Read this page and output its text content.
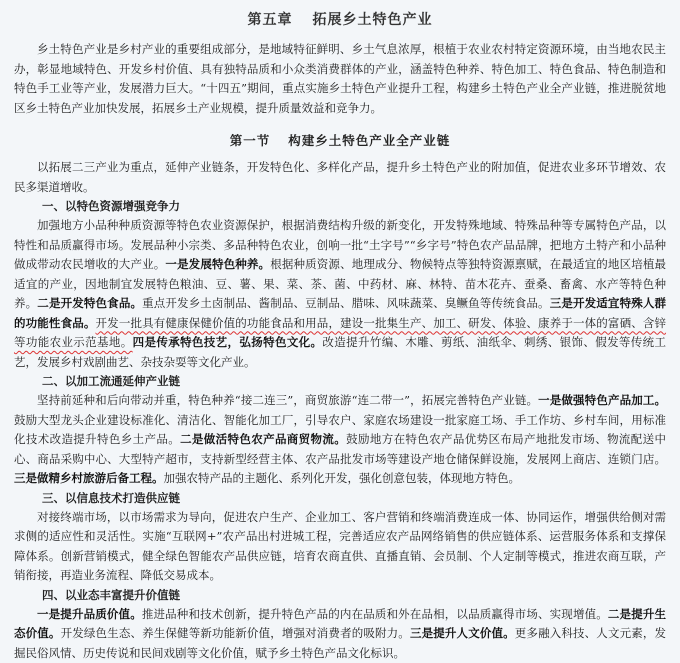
第五章 拓展乡土特色产业

乡土特色产业是乡村产业的重要组成部分，是地域特征鲜明、乡土气息浓厚，根植于农业农村特定资源环境，由当地农民主办，彰显地域特色、开发乡村价值、具有独特品质和小众类消费群体的产业，涵盖特色种养、特色加工、特色食品、特色制造和特色手工业等产业，发展潜力巨大。“十四五”期间，重点实施乡土特色产业提升工程，构建乡土特色产业全产业链，推进脱贫地区乡土特色产业加快发展，拓展乡土产业规模，提升质量效益和竞争力。

第一节 构建乡土特色产业全产业链

以拓展二三产业为重点，延伸产业链条，开发特色化、多样化产品，提升乡土特色产业的附加值，促进农业多环节增效、农民多渠道增收。

一、以特色资源增强竞争力

加强地方小品种种质资源等特色农业资源保护，根据消费结构升级的新变化，开发特殊地域、特殊品种等专属特色产品，以特性和品质赢得市场。发展品种小宗类、多品种特色农业，创响一批“土字号”“乡字号”特色农产品品牌，把地方土特产和小品种做成带动农民增收的大产业。一是发展特色种养。根据种质资源、地理成分、物候特点等独特资源禀赋，在最适宜的地区培植最适宜的产业，因地制宜发展特色粮油、豆、薯、果、菜、茶、菌、中药材、麻、林特、苗木花卉、蚕桑、畜禽、水产等特色种养。二是开发特色食品。重点开发乡土卤制品、酱制品、豆制品、腊味、风味蔬菜、臭鳜鱼等传统食品。三是开发适宜特殊人群的功能性食品。开发一批具有健康保健价值的功能食品和用品，建设一批集生产、加工、研发、体验、康养于一体的富硒、含锌等功能农业示范基地。四是传承特色技艺，弘扬特色文化。改造提升竹编、木雕、剪纸、油纸伞、刺绣、银饰、假发等传统工艺，发展乡村戏剧曲艺、杂技杂耍等文化产业。

二、以加工流通延伸产业链

坚持前延种和后向带动并重，特色种养“接二连三”，商贸旅游“连二带一”，拓展完善特色产业链。一是做强特色产品加工。鼓励大型龙头企业建设标准化、清洁化、智能化加工厂，引导农户、家庭农场建设一批家庭工场、手工作坊、乡村车间，用标准化技术改造提升特色乡土产品。二是做活特色农产品商贸物流。鼓励地方在特色农产品优势区布局产地批发市场、物流配送中心、商品采购中心、大型特产超市，支持新型经营主体、农产品批发市场等建设产地仓储保鲜设施，发展网上商店、连锁门店。三是做精乡村旅游后备工程。加强农特产品的主题化、系列化开发，强化创意包装，体现地方特色。

三、以信息技术打造供应链

对接终端市场，以市场需求为导向，促进农户生产、企业加工、客户营销和终端消费连成一体、协同运作，增强供给侧对需求侧的适应性和灵活性。实施“互联网+”农产品出村进城工程，完善适应农产品网络销售的供应链体系、运营服务体系和支撑保障体系。创新营销模式，健全绿色智能农产品供应链，培育农商直供、直播直销、会员制、个人定制等模式，推进农商互联，产销衔接，再造业务流程、降低交易成本。

四、以业态丰富提升价值链

一是提升品质价值。推进品种和技术创新，提升特色产品的内在品质和外在品相，以品质赢得市场、实现增值。二是提升生态价值。开发绿色生态、养生保健等新功能新价值，增强对消费者的吸附力。三是提升人文价值。更多融入科技、人文元素，发掘民俗风情、历史传说和民间戏剧等文化价值，赋予乡土特色产品文化标识。
